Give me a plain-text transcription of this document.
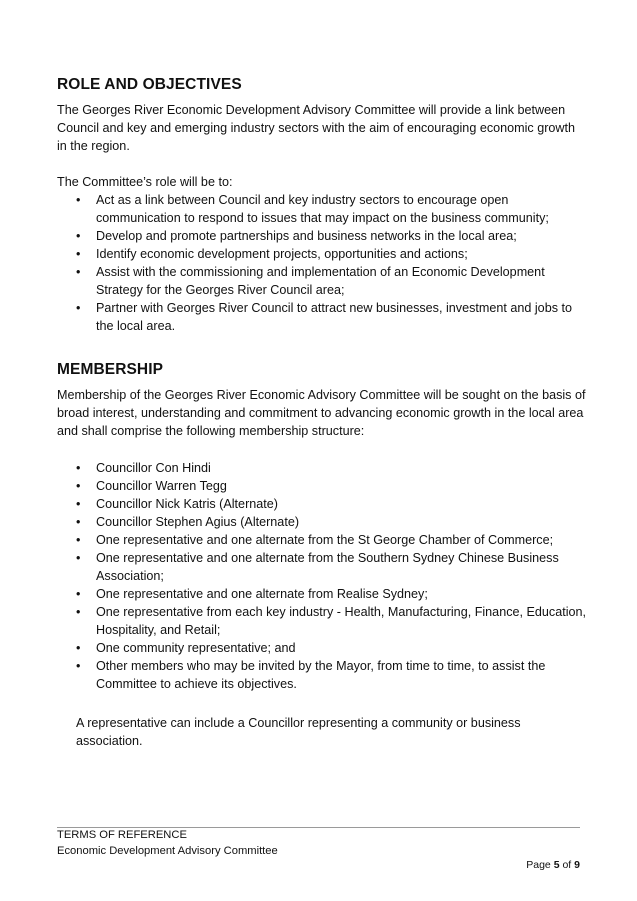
ROLE AND OBJECTIVES

The Georges River Economic Development Advisory Committee will provide a link between Council and key and emerging industry sectors with the aim of encouraging economic growth in the region.

The Committee’s role will be to:

• Act as a link between Council and key industry sectors to encourage open communication to respond to issues that may impact on the business community;
• Develop and promote partnerships and business networks in the local area;
• Identify economic development projects, opportunities and actions;
• Assist with the commissioning and implementation of an Economic Development Strategy for the Georges River Council area;
• Partner with Georges River Council to attract new businesses, investment and jobs to the local area.
MEMBERSHIP

Membership of the Georges River Economic Advisory Committee will be sought on the basis of broad interest, understanding and commitment to advancing economic growth in the local area and shall comprise the following membership structure:

• Councillor Con Hindi
• Councillor Warren Tegg
• Councillor Nick Katris (Alternate)
• Councillor Stephen Agius (Alternate)
• One representative and one alternate from the St George Chamber of Commerce;
• One representative and one alternate from the Southern Sydney Chinese Business Association;
• One representative and one alternate from Realise Sydney;
• One representative from each key industry - Health, Manufacturing, Finance, Education, Hospitality, and Retail;
• One community representative; and
• Other members who may be invited by the Mayor, from time to time, to assist the Committee to achieve its objectives.

A representative can include a Councillor representing a community or business association.

TERMS OF REFERENCE

Economic Development Advisory Committee

Page 5 of 9
